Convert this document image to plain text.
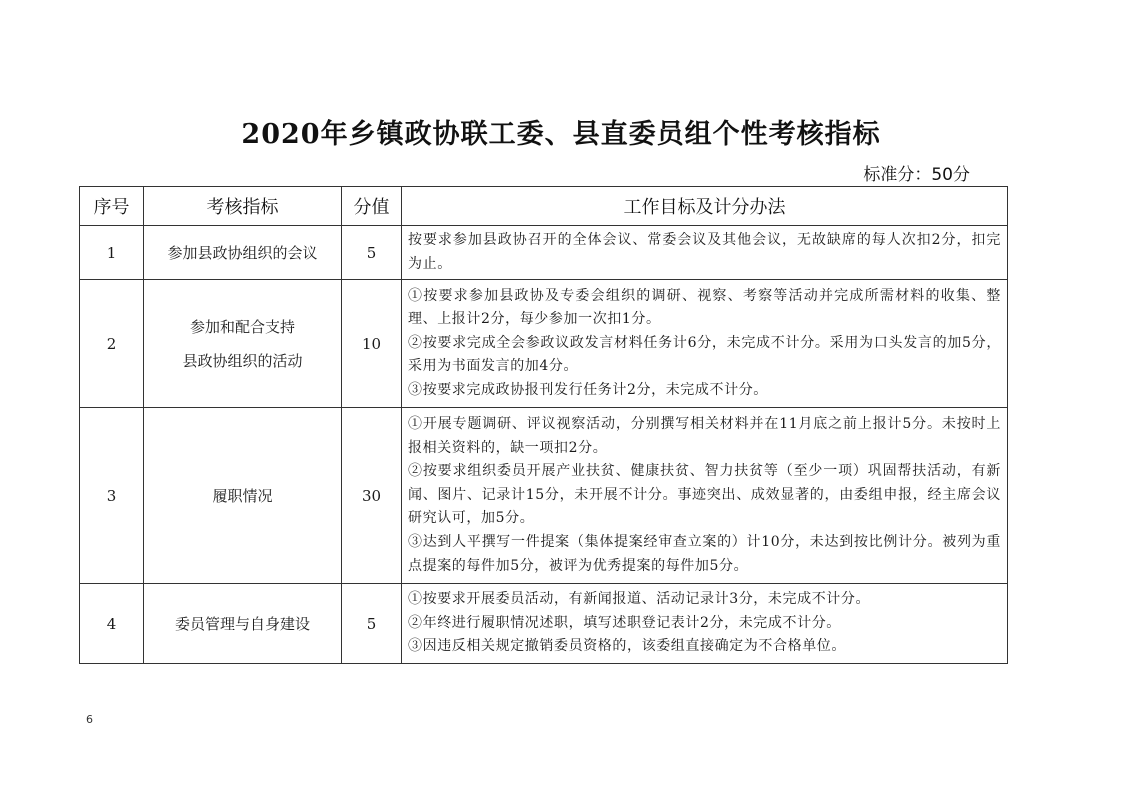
2020年乡镇政协联工委、县直委员组个性考核指标
标准分：50分
序号	考核指标	分值	工作目标及计分办法
1	参加县政协组织的会议	5	按要求参加县政协召开的全体会议、常委会议及其他会议，无故缺席的每人次扣2分，扣完为止。

2	参加和配合支持
县政协组织的活动	10	①按要求参加县政协及专委会组织的调研、视察、考察等活动并完成所需材料的收集、整理、上报计2分，每少参加一次扣1分。
②按要求完成全会参政议政发言材料任务计6分，未完成不计分。采用为口头发言的加5分，采用为书面发言的加4分。
③按要求完成政协报刊发行任务计2分，未完成不计分。

3	履职情况	30	①开展专题调研、评议视察活动，分别撰写相关材料并在11月底之前上报计5分。未按时上报相关资料的，缺一项扣2分。
②按要求组织委员开展产业扶贫、健康扶贫、智力扶贫等（至少一项）巩固帮扶活动，有新闻、图片、记录计15分，未开展不计分。事迹突出、成效显著的，由委组申报，经主席会议研究认可，加5分。
③达到人平撰写一件提案（集体提案经审查立案的）计10分，未达到按比例计分。被列为重点提案的每件加5分，被评为优秀提案的每件加5分。

4	委员管理与自身建设	5	①按要求开展委员活动，有新闻报道、活动记录计3分，未完成不计分。
②年终进行履职情况述职，填写述职登记表计2分，未完成不计分。
③因违反相关规定撤销委员资格的，该委组直接确定为不合格单位。
6
